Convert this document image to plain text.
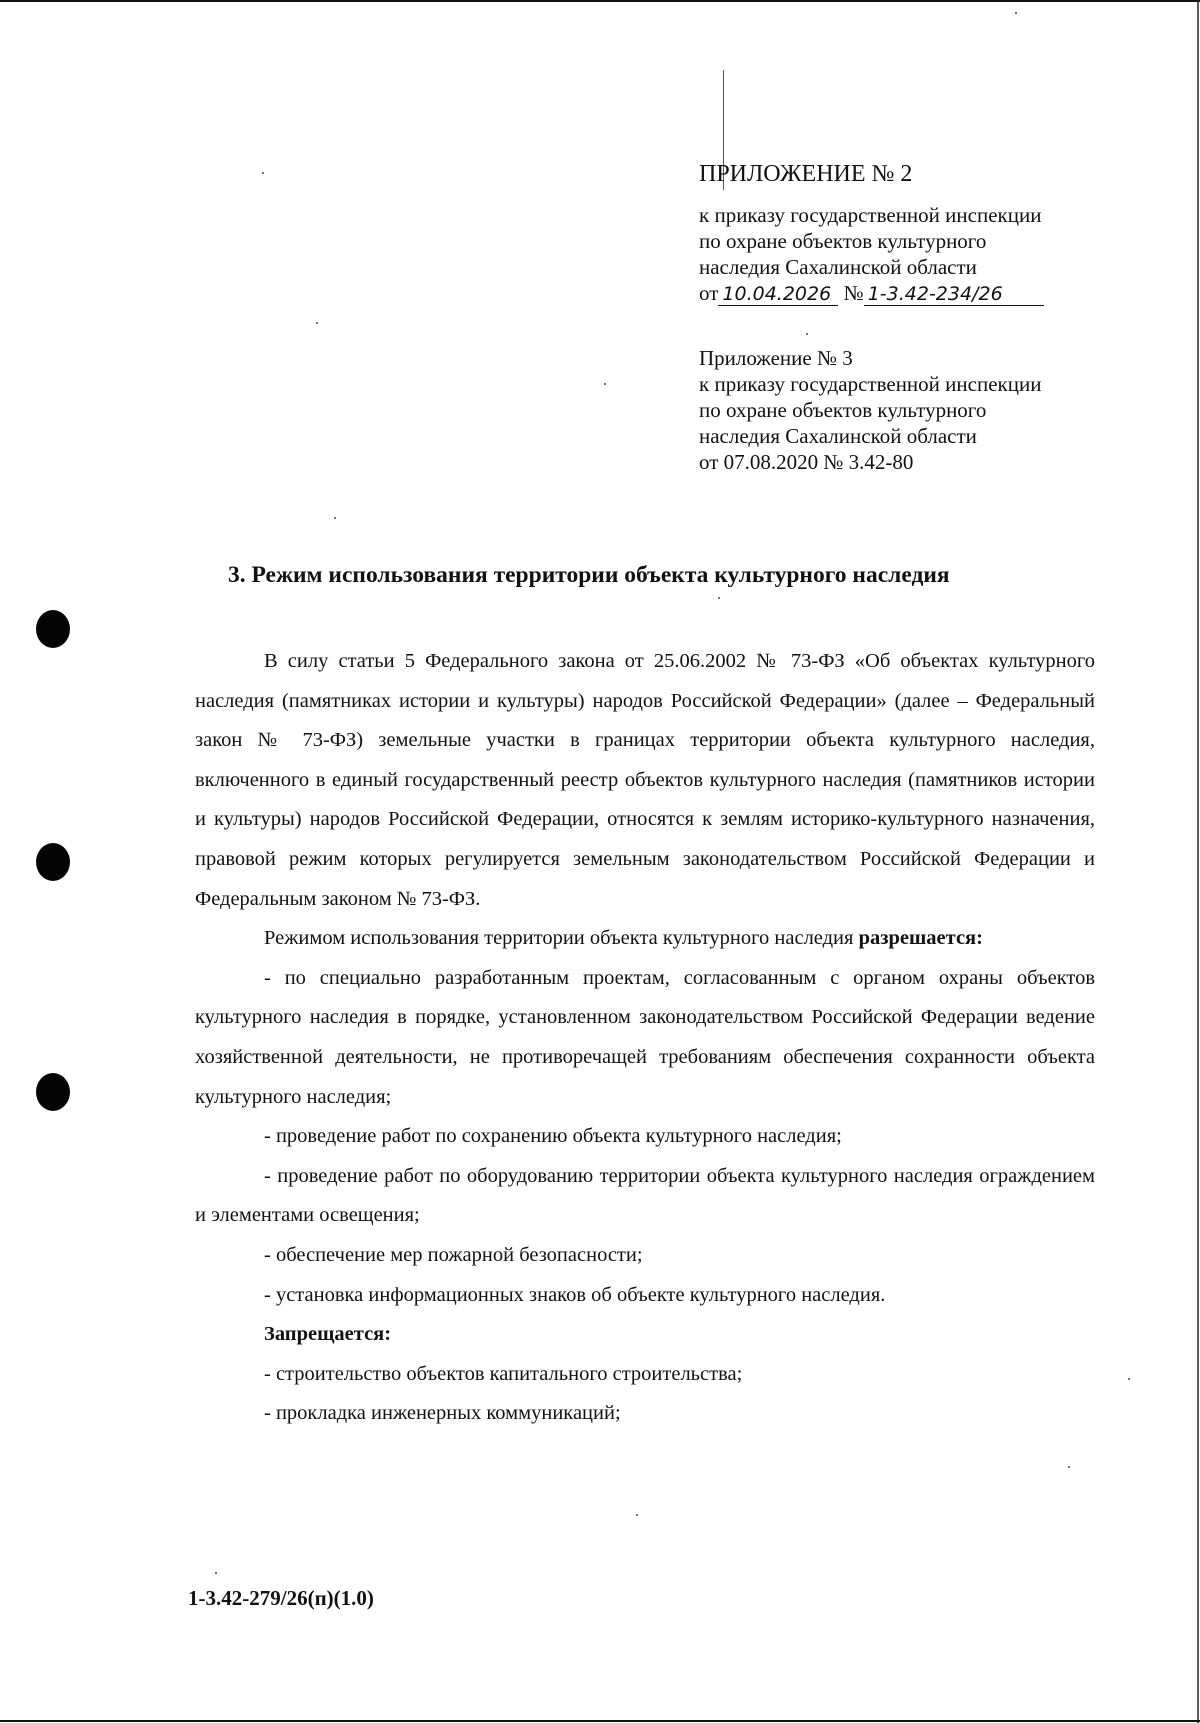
ПРИЛОЖЕНИЕ № 2
к приказу государственной инспекции
по охране объектов культурного
наследия Сахалинской области
от 10.04.2026 № 1-3.42-234/26
Приложение № 3
к приказу государственной инспекции
по охране объектов культурного
наследия Сахалинской области
от 07.08.2020 № 3.42-80
3. Режим использования территории объекта культурного наследия

В силу статьи 5 Федерального закона от 25.06.2002 № 73-ФЗ «Об объектах культурного наследия (памятниках истории и культуры) народов Российской Федерации» (далее – Федеральный закон № 73-ФЗ) земельные участки в границах территории объекта культурного наследия, включенного в единый государственный реестр объектов культурного наследия (памятников истории и культуры) народов Российской Федерации, относятся к землям историко-культурного назначения, правовой режим которых регулируется земельным законодательством Российской Федерации и Федеральным законом № 73-ФЗ.

Режимом использования территории объекта культурного наследия разрешается:

- по специально разработанным проектам, согласованным с органом охраны объектов культурного наследия в порядке, установленном законодательством Российской Федерации ведение хозяйственной деятельности, не противоречащей требованиям обеспечения сохранности объекта культурного наследия;

- проведение работ по сохранению объекта культурного наследия;

- проведение работ по оборудованию территории объекта культурного наследия ограждением и элементами освещения;

- обеспечение мер пожарной безопасности;

- установка информационных знаков об объекте культурного наследия.

Запрещается:

- строительство объектов капитального строительства;

- прокладка инженерных коммуникаций;

1-3.42-279/26(п)(1.0)
